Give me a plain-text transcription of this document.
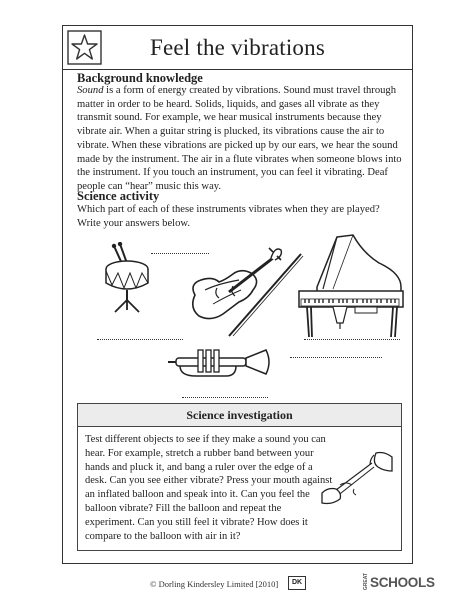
Feel the vibrations
Background knowledge

Sound is a form of energy created by vibrations. Sound must travel through matter in order to be heard. Solids, liquids, and gases all vibrate as they transmit sound. For example, we hear musical instruments because they vibrate air. When a guitar string is plucked, its vibrations cause the air to vibrate. When these vibrations are picked up by our ears, we hear the sound made by the instrument. The air in a flute vibrates when someone blows into the instrument. If you touch an instrument, you can feel it vibrating. Deaf people can “hear” music this way.

Science activity
Which part of each of these instruments vibrates when they are played? Write your answers below.
Science investigation
Test different objects to see if they make a sound you can hear. For example, stretch a rubber band between your hands and pluck it, and bang a ruler over the edge of a desk. Can you see either vibrate? Press your mouth against an inflated balloon and speak into it. Can you feel the balloon vibrate? Fill the balloon and repeat the experiment. Can you still feel it vibrate? How does it compare to the balloon with air in it?
© Dorling Kindersley Limited [2010]	DK	GREAT SCHOOLS
